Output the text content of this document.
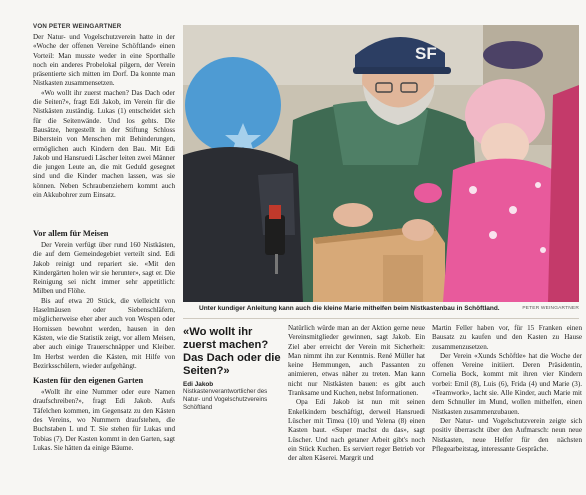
VON PETER WEINGARTNER

Der Natur- und Vogelschutzverein hatte in der «Woche der offenen Vereine Schöftland» einen Vorteil: Man musste weder in eine Sporthalle noch ein anderes Probelokal pilgern, der Verein präsentierte sich mitten im Dorf. Da konnte man Nistkasten zusammensetzen.

«Wo wollt ihr zuerst machen? Das Dach oder die Seiten?», fragt Edi Jakob, im Verein für die Nistkästen zuständig. Lukas (1) entscheidet sich für die Seitenwände. Und los gehts. Die Bausätze, hergestellt in der Stiftung Schloss Biberstein von Menschen mit Behinderungen, ermöglichen auch Kindern den Bau. Mit Edi Jakob und Hansruedi Läscher leiten zwei Männer die jungen Leute an, die mit Geduld gesegnet sind und die Kinder machen lassen, was sie können. Neben Schraubenziehern kommt auch ein Akkubohrer zum Einsatz.

Vor allem für Meisen

Der Verein verfügt über rund 160 Nistkästen, die auf dem Gemeindegebiet verteilt sind. Edi Jakob reinigt und repariert sie. «Mit den Kindergärten holen wir sie herunter», sagt er. Die Reinigung sei nicht immer sehr appetitlich: Milben und Flöhe.

Bis auf etwa 20 Stück, die vielleicht von Haselmäusen oder Siebenschläfern, möglicherweise eher aber auch von Wespen oder Hornissen bewohnt werden, hausen in den Kästen, wie die Statistik zeigt, vor allem Meisen, aber auch einige Trauerschnäpper und Kleiber. Im Herbst werden die Kästen, mit Hilfe von Bezirksschülern, wieder aufgehängt.

Kasten für den eigenen Garten

«Wollt ihr eine Nummer oder eure Namen draufschreiben?», fragt Edi Jakob. Aufs Täfelchen kommen, im Gegensatz zu den Kästen des Vereins, wo Nummern draufstehen, die Buchstaben L und T. Sie stehen für Lukas und Tobias (7). Der Kasten kommt in den Garten, sagt Lukas. Sie hätten da einige Bäume.

SF
Unter kundiger Anleitung kann auch die kleine Marie mithelfen beim Nistkastenbau in Schöftland.	PETER WEINGARTNER
«Wo wollt ihr zuerst machen? Das Dach oder die Seiten?»
Edi Jakob
Nistkastenverantwortlicher des Natur- und Vogelschutzvereins Schöftland

Natürlich würde man an der Aktion gerne neue Vereinsmitglieder gewinnen, sagt Jakob. Ein Ziel aber erreicht der Verein mit Sicherheit: Man nimmt ihn zur Kenntnis. René Müller hat keine Hemmungen, auch Passanten zu animieren, etwas näher zu treten. Man kann nicht nur Nistkästen bauen: es gibt auch Tranksame und Kuchen, nebst Informationen.

Opa Edi Jakob ist nun mit seinen Enkelkindern beschäftigt, derweil Hansruedi Lüscher mit Timea (10) und Yelena (8) einen Kasten baut. «Super machst du das», sagt Lüscher. Und nach getaner Arbeit gibt's noch ein Stück Kuchen. Es serviert reger Betrieb vor der alten Käserei. Margrit und

Martin Feller haben vor, für 15 Franken einen Bausatz zu kaufen und den Kasten zu Hause zusammenzusetzen.

Der Verein «Xunds Schöftle» hat die Woche der offenen Vereine initiiert. Deren Präsidentin, Cornelia Bock, kommt mit ihren vier Kindern vorbei: Emil (8), Luis (6), Frida (4) und Marie (3). «Teamwork», lacht sie. Alle Kinder, auch Marie mit dem Schnuller im Mund, wollen mithelfen, einen Nistkasten zusammenzubauen.

Der Natur- und Vogelschutzverein zeigte sich positiv überrascht über den Aufmarsch: neun neue Nistkasten, neue Helfer für den nächsten Pflegearbeitstag, interessante Gespräche.
